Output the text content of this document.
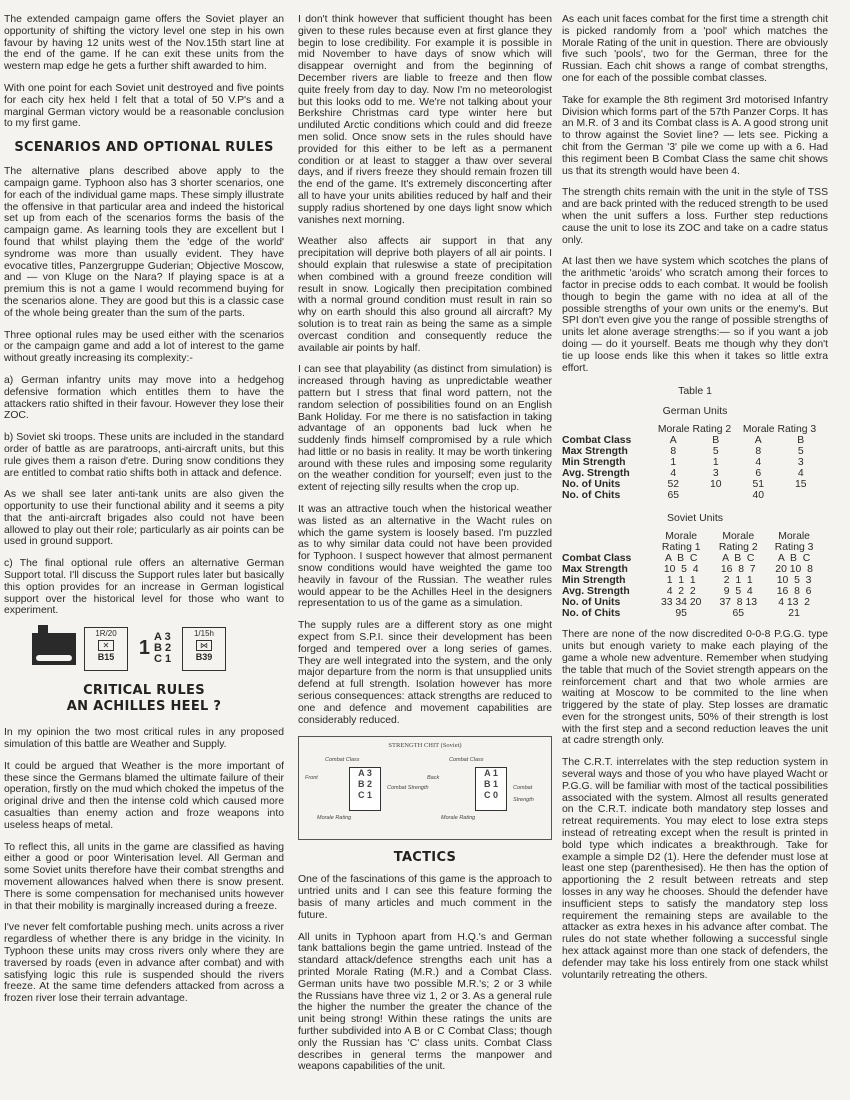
The extended campaign game offers the Soviet player an opportunity of shifting the victory level one step in his own favour by having 12 units west of the Nov.15th start line at the end of the game. If he can exit these units from the western map edge he gets a further shift awarded to him.

With one point for each Soviet unit destroyed and five points for each city hex held I felt that a total of 50 V.P's and a marginal German victory would be a reasonable conclusion to my first game.

SCENARIOS AND OPTIONAL RULES

The alternative plans described above apply to the campaign game. Typhoon also has 3 shorter scenarios, one for each of the individual game maps. These simply illustrate the offensive in that particular area and indeed the historical set up from each of the scenarios forms the basis of the campaign game. As learning tools they are excellent but I found that whilst playing them the 'edge of the world' syndrome was more than usually evident. They have evocative titles, Panzergruppe Guderian; Objective Moscow, and — von Kluge on the Nara? If playing space is at a premium this is not a game I would recommend buying for the scenarios alone. They are good but this is a classic case of the whole being greater than the sum of the parts.

Three optional rules may be used either with the scenarios or the campaign game and add a lot of interest to the game without greatly increasing its complexity:-

a) German infantry units may move into a hedgehog defensive formation which entitles them to have the attackers ratio shifted in their favour. However they lose their ZOC.

b) Soviet ski troops. These units are included in the standard order of battle as are paratroops, anti-aircraft units, but this rule gives them a raison d'etre. During snow conditions they are entitled to combat ratio shifts both in attack and defence.

As we shall see later anti-tank units are also given the opportunity to use their functional ability and it seems a pity that the anti-aircraft brigades also could not have been allowed to play out their role; particularly as air points can be used in ground support.

c) The final optional rule offers an alternative German Support total. I'll discuss the Support rules later but basically this option provides for an increase in German logistical support over the historical level for those who want to experiment.

1R/20
✕
B15	1
A 3
B 2
C 1
1/15h
⋈
B39
CRITICAL RULES
AN ACHILLES HEEL ?

In my opinion the two most critical rules in any proposed simulation of this battle are Weather and Supply.

It could be argued that Weather is the more important of these since the Germans blamed the ultimate failure of their operation, firstly on the mud which choked the impetus of the original drive and then the intense cold which caused more casualties than enemy action and froze weapons into useless heaps of metal.

To reflect this, all units in the game are classified as having either a good or poor Winterisation level. All German and some Soviet units therefore have their combat strengths and movement allowances halved when there is snow present. There is some compensation for mechanised units however in that their mobility is marginally increased during a freeze.

I've never felt comfortable pushing mech. units across a river regardless of whether there is any bridge in the vicinity. In Typhoon these units may cross rivers only where they are traversed by roads (even in advance after combat) and with satisfying logic this rule is suspended should the rivers freeze. At the same time defenders attacked from across a frozen river lose their terrain advantage.

I don't think however that sufficient thought has been given to these rules because even at first glance they begin to lose credibility. For example it is possible in mid November to have days of snow which will disappear overnight and from the beginning of December rivers are liable to freeze and then flow quite freely from day to day. Now I'm no meteorologist but this looks odd to me. We're not talking about your Berkshire Christmas card type winter here but undiluted Arctic conditions which could and did freeze men solid. Once snow sets in the rules should have provided for this either to be left as a permanent condition or at least to stagger a thaw over several days, and if rivers freeze they should remain frozen till the end of the game. It's extremely disconcerting after all to have your units abilities reduced by half and their supply radius shortened by one days light snow which vanishes next morning.

Weather also affects air support in that any precipitation will deprive both players of all air points. I should explain that ruleswise a state of precipitation when combined with a ground freeze condition will result in snow. Logically then precipitation combined with a normal ground condition must result in rain so why on earth should this also ground all aircraft? My solution is to treat rain as being the same as a simple overcast condition and consequently reduce the available air points by half.

I can see that playability (as distinct from simulation) is increased through having as unpredictable weather pattern but I stress that final word pattern, not the random selection of possibilities found on an English Bank Holiday. For me there is no satisfaction in taking advantage of an opponents bad luck when he suddenly finds himself compromised by a rule which had little or no basis in reality. It may be worth tinkering around with these rules and imposing some regularity on the weather condition for yourself; even just to the extent of rejecting silly results when the crop up.

It was an attractive touch when the historical weather was listed as an alternative in the Wacht rules on which the game system is loosely based. I'm puzzled as to why similar data could not have been provided for Typhoon. I suspect however that almost permanent snow conditions would have weighted the game too heavily in favour of the Russian. The weather rules would appear to be the Achilles Heel in the designers representation to us of the game as a simulation.

The supply rules are a different story as one might expect from S.P.I. since their development has been forged and tempered over a long series of games. They are well integrated into the system, and the only major departure from the norm is that unsupplied units defend at full strength. Isolation however has more serious consequences: attack strengths are reduced to one and defence and movement capabilities are considerably reduced.

STRENGTH CHIT (Soviet)
Front
Combat Class
Morale Rating
A 3
B 2
C 1
Combat Strength
Back
Combat Class
Morale Rating
A 1
B 1
C 0
Combat Strength
TACTICS

One of the fascinations of this game is the approach to untried units and I can see this feature forming the basis of many articles and much comment in the future.

All units in Typhoon apart from H.Q.'s and German tank battalions begin the game untried. Instead of the standard attack/defence strengths each unit has a printed Morale Rating (M.R.) and a Combat Class. German units have two possible M.R.'s; 2 or 3 while the Russians have three viz 1, 2 or 3. As a general rule the higher the number the greater the chance of the unit being strong! Within these ratings the units are further subdivided into A B or C Combat Class; though only the Russian has 'C' class units. Combat Class describes in general terms the manpower and weapons capabilities of the unit.

As each unit faces combat for the first time a strength chit is picked randomly from a 'pool' which matches the Morale Rating of the unit in question. There are obviously five such 'pools', two for the German, three for the Russian. Each chit shows a range of combat strengths, one for each of the possible combat classes.

Take for example the 8th regiment 3rd motorised Infantry Division which forms part of the 57th Panzer Corps. It has an M.R. of 3 and its Combat class is A. A good strong unit to throw against the Soviet line? — lets see. Picking a chit from the German '3' pile we come up with a 6. Had this regiment been B Combat Class the same chit shows us that its strength would have been 4.

The strength chits remain with the unit in the style of TSS and are back printed with the reduced strength to be used when the unit suffers a loss. Further step reductions cause the unit to lose its ZOC and take on a cadre status only.

At last then we have system which scotches the plans of the arithmetic 'aroids' who scratch among their forces to factor in precise odds to each combat. It would be foolish though to begin the game with no idea at all of the possible strengths of your own units or the enemy's. But SPI don't even give you the range of possible strengths of units let alone average strengths:— so if you want a job doing — do it yourself. Beats me though why they don't tie up loose ends like this when it takes so little extra effort.

Table 1
German Units
	Morale Rating 2		Morale Rating 3	
Combat Class	A	B	A	B
Max Strength	8	5	8	5
Min Strength	1	1	4	3
Avg. Strength	4	3	6	4
No. of Units	52	10	51	15
No. of Chits	65		40	
Soviet Units
	Morale	Morale	Morale
	Rating 1	Rating 2	Rating 3
Combat Class	A  B  C	A  B  C	A  B  C
Max Strength	10  5  4	16  8  7	20 10  8
Min Strength	1  1  1	2  1  1	10  5  3
Avg. Strength	4  2  2	9  5  4	16  8  6
No. of Units	33 34 20	37  8 13	4 13  2
No. of Chits	95	65	21

There are none of the now discredited 0-0-8 P.G.G. type units but enough variety to make each playing of the game a whole new adventure. Remember when studying the table that much of the Soviet strength appears on the reinforcement chart and that two whole armies are waiting at Moscow to be commited to the line when triggered by the state of play. Step losses are dramatic even for the strongest units, 50% of their strength is lost with the first step and a second reduction leaves the unit at cadre strength only.

The C.R.T. interrelates with the step reduction system in several ways and those of you who have played Wacht or P.G.G. will be familiar with most of the tactical possibilities associated with the system. Almost all results generated on the C.R.T. indicate both mandatory step losses and retreat requirements. You may elect to lose extra steps instead of retreating except when the result is printed in bold type which indicates a breakthrough. Take for example a simple D2 (1). Here the defender must lose at least one step (parenthesised). He then has the option of apportioning the 2 result between retreats and step losses in any way he chooses. Should the defender have insufficient steps to satisfy the mandatory step loss requirement the remaining steps are available to the attacker as extra hexes in his advance after combat. The rules do not state whether following a successful single hex attack against more than one stack of defenders, the defender may take his loss entirely from one stack whilst voluntarily retreating the others.
